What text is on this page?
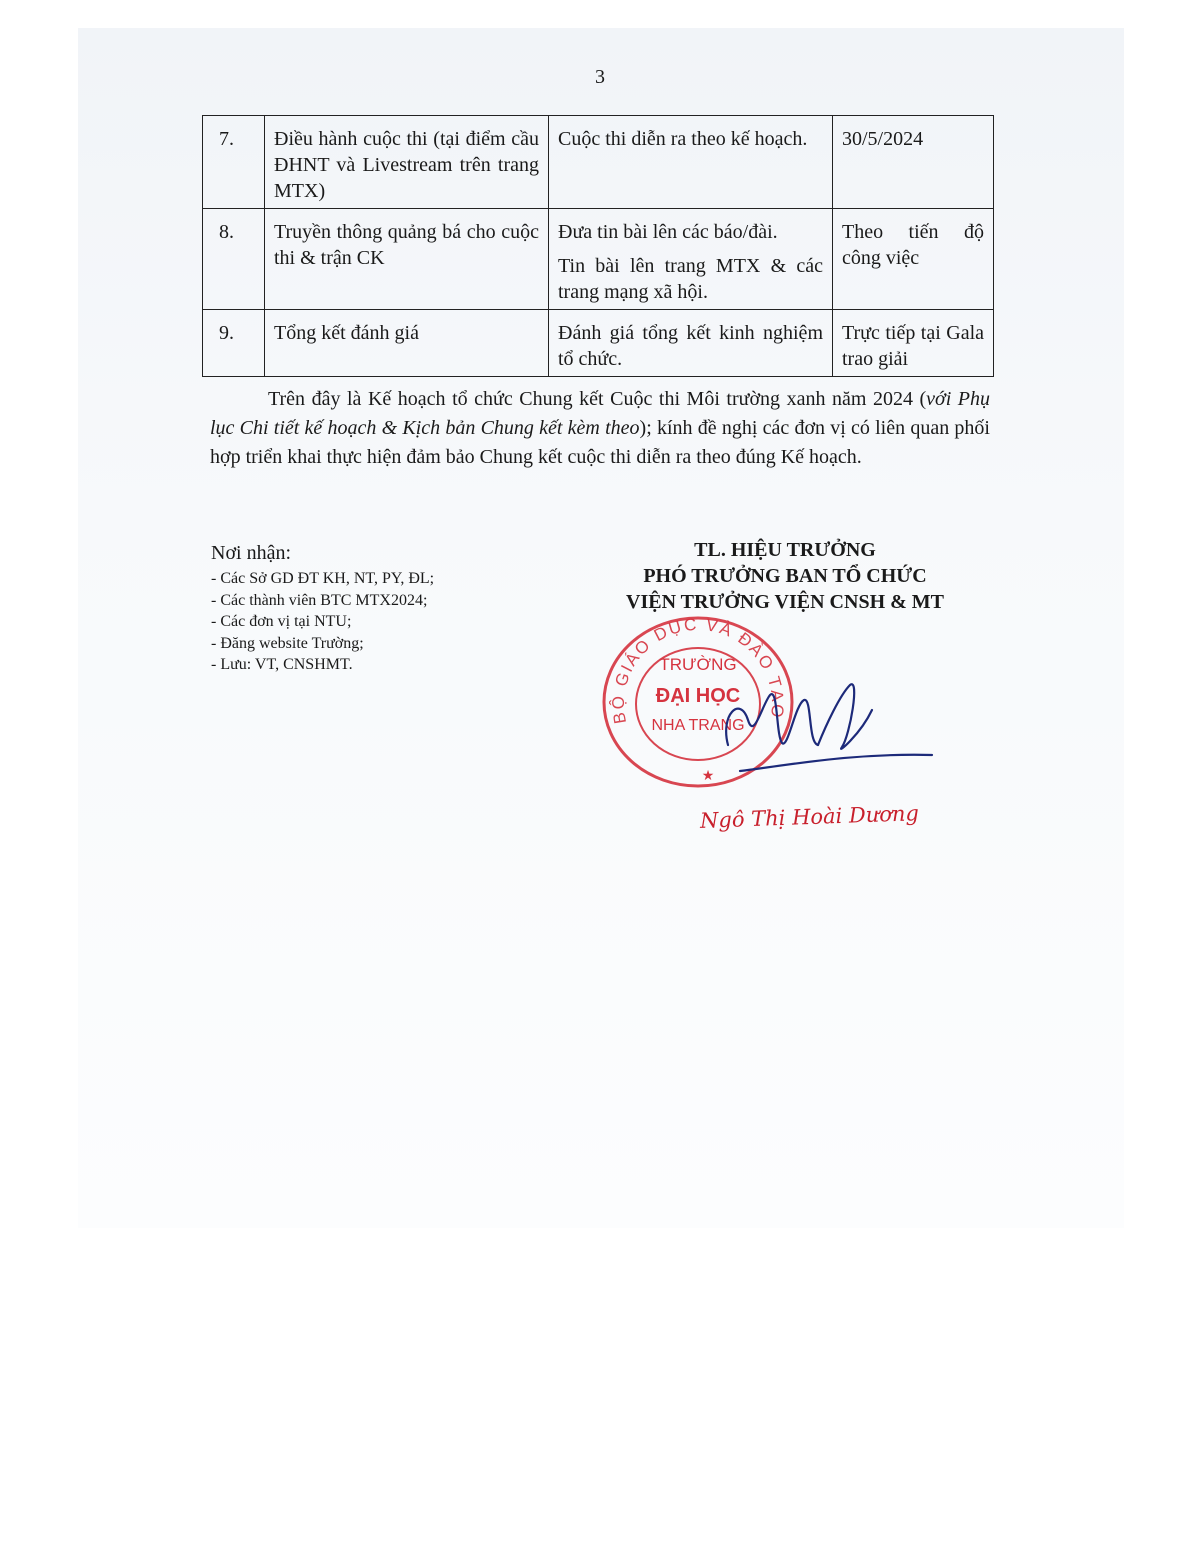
3
7.	Điều hành cuộc thi (tại điểm cầu ĐHNT và Livestream trên trang MTX)	Cuộc thi diễn ra theo kế hoạch.	30/5/2024

8.	Truyền thông quảng bá cho cuộc thi & trận CK	Đưa tin bài lên các báo/đài.
Tin bài lên trang MTX & các trang mạng xã hội.	Theo tiến độ công việc

9.	Tổng kết đánh giá	Đánh giá tổng kết kinh nghiệm tổ chức.	Trực tiếp tại Gala trao giải

Trên đây là Kế hoạch tổ chức Chung kết Cuộc thi Môi trường xanh năm 2024 (với Phụ lục Chi tiết kế hoạch & Kịch bản Chung kết kèm theo); kính đề nghị các đơn vị có liên quan phối hợp triển khai thực hiện đảm bảo Chung kết cuộc thi diễn ra theo đúng Kế hoạch.

Nơi nhận:
- Các Sở GD ĐT KH, NT, PY, ĐL;
- Các thành viên BTC MTX2024;
- Các đơn vị tại NTU;
- Đăng website Trường;
- Lưu: VT, CNSHMT.
TL. HIỆU TRƯỞNG
PHÓ TRƯỞNG BAN TỔ CHỨC
VIỆN TRƯỞNG VIỆN CNSH & MT
BỘ GIÁO DỤC VÀ ĐÀO TẠO
TRƯỜNG
ĐẠI HỌC
NHA TRANG
★
Ngô Thị Hoài Dương
